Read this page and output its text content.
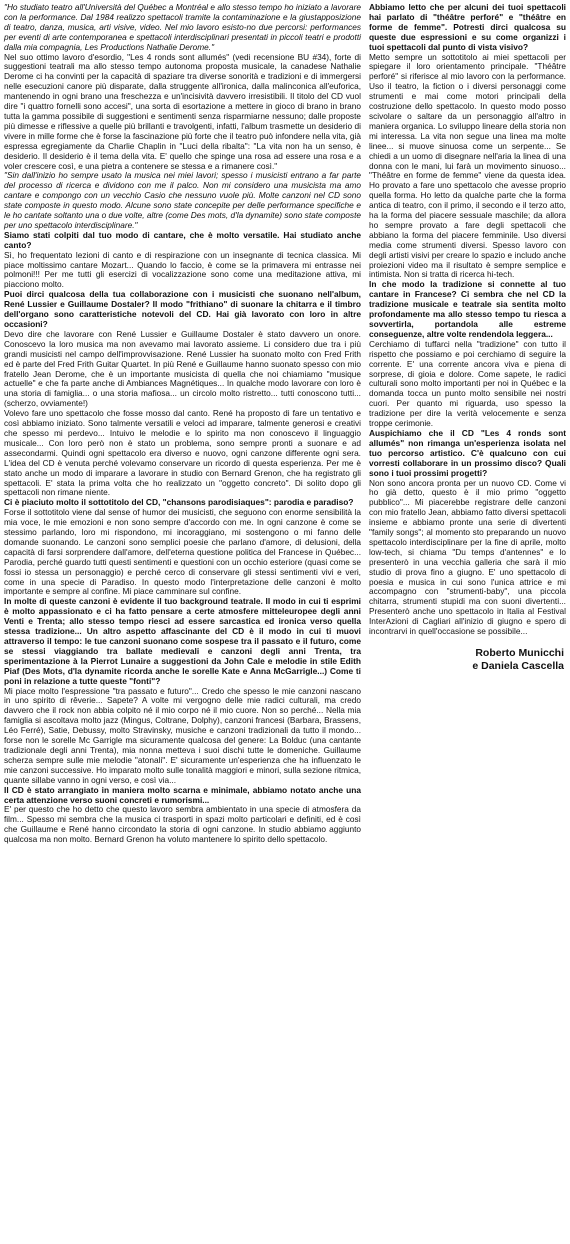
"Ho studiato teatro all'Università del Québec a Montréal e allo stesso tempo ho iniziato a lavorare con la performance. Dal 1984 realizzo spettacoli tramite la contaminazione e la giustapposizione di teatro, danza, musica, arti visive, video. Nel mio lavoro esisto-no due percorsi: performances per eventi di arte contemporanea e spettacoli interdisciplinari presentati in piccoli teatri e prodotti dalla mia compagnia, Les Productions Nathalie Derome."

Nel suo ottimo lavoro d'esordio, "Les 4 ronds sont allumés" (vedi recensione BU #34), forte di suggestioni teatrali ma allo stesso tempo autonoma proposta musicale, la canadese Nathalie Derome ci ha convinti per la capacità di spaziare tra diverse sonorità e tradizioni e di immergersi nelle esecuzioni canore più disparate, dalla struggente all'ironica, dalla malinconica all'euforica, mantenendo in ogni brano una freschezza e un'incisività davvero irresistibili. Il titolo del CD vuol dire "i quattro fornelli sono accesi", una sorta di esortazione a mettere in gioco di brano in brano tutta la gamma possibile di suggestioni e sentimenti senza risparmiarne nessuno; dalle proposte più dimesse e riflessive a quelle più brillanti e travolgenti, infatti, l'album trasmette un desiderio di vivere in mille forme che è forse la fascinazione più forte che il teatro può infondere nella vita, già espressa egregiamente da Charlie Chaplin in "Luci della ribalta": "La vita non ha un senso, è desiderio. Il desiderio è il tema della vita. E' quello che spinge una rosa ad essere una rosa e a voler crescere così, e una pietra a contenere se stessa e a rimanere così."

"Sin dall'inizio ho sempre usato la musica nei miei lavori; spesso i musicisti entrano a far parte del processo di ricerca e dividono con me il palco. Non mi considero una musicista ma amo cantare e compongo con un vecchio Casio che nessuno vuole più. Molte canzoni nel CD sono state composte in questo modo. Alcune sono state concepite per delle performance specifiche e le ho cantate soltanto una o due volte, altre (come Des mots, d'la dynamite) sono state composte per uno spettacolo interdisciplinare."

Siamo stati colpiti dal tuo modo di cantare, che è molto versatile. Hai studiato anche canto?

Sì, ho frequentato lezioni di canto e di respirazione con un insegnante di tecnica classica. Mi piace moltissimo cantare Mozart... Quando lo faccio, è come se la primavera mi entrasse nei polmoni!!! Per me tutti gli esercizi di vocalizzazione sono come una meditazione attiva, mi piacciono molto.

Puoi dirci qualcosa della tua collaborazione con i musicisti che suonano nell'album, René Lussier e Guillaume Dostaler? Il modo "frithiano" di suonare la chitarra e il timbro dell'organo sono caratteristiche notevoli del CD. Hai già lavorato con loro in altre occasioni?

Devo dire che lavorare con René Lussier e Guillaume Dostaler è stato davvero un onore. Conoscevo la loro musica ma non avevamo mai lavorato assieme. Li considero due tra i più grandi musicisti nel campo dell'improvvisazione. René Lussier ha suonato molto con Fred Frith ed è parte del Fred Frith Guitar Quartet. In più René e Guillaume hanno suonato spesso con mio fratello Jean Derome, che è un importante musicista di quella che noi chiamiamo "musique actuelle" e che fa parte anche di Ambiances Magnétiques... In qualche modo lavorare con loro è una storia di famiglia... o una storia mafiosa... un circolo molto ristretto... tutti conoscono tutti... (scherzo, ovviamente!)

Volevo fare uno spettacolo che fosse mosso dal canto. René ha proposto di fare un tentativo e così abbiamo iniziato. Sono talmente versatili e veloci ad imparare, talmente generosi e creativi che spesso mi perdevo... Intuivo le melodie e lo spirito ma non conoscevo il linguaggio musicale... Con loro però non è stato un problema, sono sempre pronti a suonare e ad assecondarmi. Quindi ogni spettacolo era diverso e nuovo, ogni canzone differente ogni sera. L'idea del CD è venuta perché volevamo conservare un ricordo di questa esperienza. Per me è stato anche un modo di imparare a lavorare in studio con Bernard Grenon, che ha registrato gli spettacoli. E' stata la prima volta che ho realizzato un "oggetto concreto". Di solito dopo gli spettacoli non rimane niente.

Ci è piaciuto molto il sottotitolo del CD, "chansons parodisiaques": parodia e paradiso?

Forse il sottotitolo viene dal sense of humor dei musicisti, che seguono con enorme sensibilità la mia voce, le mie emozioni e non sono sempre d'accordo con me. In ogni canzone è come se stessimo parlando, loro mi rispondono, mi incoraggiano, mi sostengono o mi fanno delle domande suonando. Le canzoni sono semplici poesie che parlano d'amore, di delusioni, della capacità di farsi sorprendere dall'amore, dell'eterna questione politica del Francese in Québec... Parodia, perché guardo tutti questi sentimenti e questioni con un occhio esteriore (quasi come se fossi io stessa un personaggio) e perché cerco di conservare gli stessi sentimenti vivi e veri, come in una specie di Paradiso. In questo modo l'interpretazione delle canzoni è molto importante e sempre al confine. Mi piace camminare sul confine.

In molte di queste canzoni è evidente il tuo background teatrale. Il modo in cui ti esprimi è molto appassionato e ci ha fatto pensare a certe atmosfere mitteleuropee degli anni Venti e Trenta; allo stesso tempo riesci ad essere sarcastica ed ironica verso quella stessa tradizione... Un altro aspetto affascinante del CD è il modo in cui ti muovi attraverso il tempo: le tue canzoni suonano come sospese tra il passato e il futuro, come se stessi viaggiando tra ballate medievali e canzoni degli anni Trenta, tra sperimentazione à la Pierrot Lunaire a suggestioni da John Cale e melodie in stile Edith Piaf (Des Mots, d'la dynamite ricorda anche le sorelle Kate e Anna McGarrigle...) Come ti poni in relazione a tutte queste "fonti"?

Mi piace molto l'espressione "tra passato e futuro"... Credo che spesso le mie canzoni nascano in uno spirito di rêverie... Sapete? A volte mi vergogno delle mie radici culturali, ma credo davvero che il rock non abbia colpito né il mio corpo né il mio cuore. Non so perché... Nella mia famiglia si ascoltava molto jazz (Mingus, Coltrane, Dolphy), canzoni francesi (Barbara, Brassens, Léo Ferré), Satie, Debussy, molto Stravinsky, musiche e canzoni tradizionali da tutto il mondo... forse non le sorelle Mc Garrigle ma sicuramente qualcosa del genere: La Bolduc (una cantante tradizionale degli anni Trenta), mia nonna metteva i suoi dischi tutte le domeniche. Guillaume scherza sempre sulle mie melodie "atonali". E' sicuramente un'esperienza che ha influenzato le mie canzoni successive. Ho imparato molto sulle tonalità maggiori e minori, sulla sezione ritmica, quante sillabe vanno in ogni verso, e così via...

Il CD è stato arrangiato in maniera molto scarna e minimale, abbiamo notato anche una certa attenzione verso suoni concreti e rumorismi...

E' per questo che ho detto che questo lavoro sembra ambientato in una specie di atmosfera da film... Spesso mi sembra che la musica ci trasporti in spazi molto particolari e definiti, ed è così che Guillaume e René hanno circondato la storia di ogni canzone. In studio abbiamo aggiunto qualcosa ma non molto. Bernard Grenon ha voluto mantenere lo spirito dello spettacolo.

Abbiamo letto che per alcuni dei tuoi spettacoli hai parlato di "théâtre perforé" e "théâtre en forme de femme". Potresti dirci qualcosa su queste due espressioni e su come organizzi i tuoi spettacoli dal punto di vista visivo?

Metto sempre un sottotitolo ai miei spettacoli per spiegare il loro orientamento principale. "Théâtre perforé" si riferisce al mio lavoro con la performance. Uso il teatro, la fiction o i diversi personaggi come strumenti e mai come motori principali della costruzione dello spettacolo. In questo modo posso scivolare o saltare da un personaggio all'altro in maniera organica. Lo sviluppo lineare della storia non mi interessa. La vita non segue una linea ma molte linee... si muove sinuosa come un serpente... Se chiedi a un uomo di disegnare nell'aria la linea di una donna con le mani, lui farà un movimento sinuoso... "Théâtre en forme de femme" viene da questa idea. Ho provato a fare uno spettacolo che avesse proprio quella forma. Ho letto da qualche parte che la forma antica di teatro, con il primo, il secondo e il terzo atto, ha la forma del piacere sessuale maschile; da allora ho sempre provato a fare degli spettacoli che abbiano la forma del piacere femminile. Uso diversi media come strumenti diversi. Spesso lavoro con degli artisti visivi per creare lo spazio e includo anche proiezioni video ma il risultato è sempre semplice e intimista. Non si tratta di ricerca hi-tech.

In che modo la tradizione si connette al tuo cantare in Francese? Ci sembra che nel CD la tradizione musicale e teatrale sia sentita molto profondamente ma allo stesso tempo tu riesca a sovvertirla, portandola alle estreme conseguenze, altre volte rendendola leggera...

Cerchiamo di tuffarci nella "tradizione" con tutto il rispetto che possiamo e poi cerchiamo di seguire la corrente. E' una corrente ancora viva e piena di sorprese, di gioia e dolore. Come sapete, le radici culturali sono molto importanti per noi in Québec e la domanda tocca un punto molto sensibile nei nostri cuori. Per quanto mi riguarda, uso spesso la tradizione per dire la verità velocemente e senza troppe cerimonie.

Auspichiamo che il CD "Les 4 ronds sont allumés" non rimanga un'esperienza isolata nel tuo percorso artistico. C'è qualcuno con cui vorresti collaborare in un prossimo disco? Quali sono i tuoi prossimi progetti?

Non sono ancora pronta per un nuovo CD. Come vi ho già detto, questo è il mio primo "oggetto pubblico"... Mi piacerebbe registrare delle canzoni con mio fratello Jean, abbiamo fatto diversi spettacoli insieme e abbiamo pronte una serie di divertenti "family songs"; al momento sto preparando un nuovo spettacolo interdisciplinare per la fine di aprile, molto low-tech, si chiama "Du temps d'antennes" e lo presenterò in una vecchia galleria che sarà il mio studio di prova fino a giugno. E' uno spettacolo di poesia e musica in cui sono l'unica attrice e mi accompagno con "strumenti-baby", una piccola chitarra, strumenti stupidi ma con suoni divertenti... Presenterò anche uno spettacolo in Italia al Festival InterAzioni di Cagliari all'inizio di giugno e spero di incontrarvi in quell'occasione se possibile...

Roberto Municchi
e Daniela Cascella
